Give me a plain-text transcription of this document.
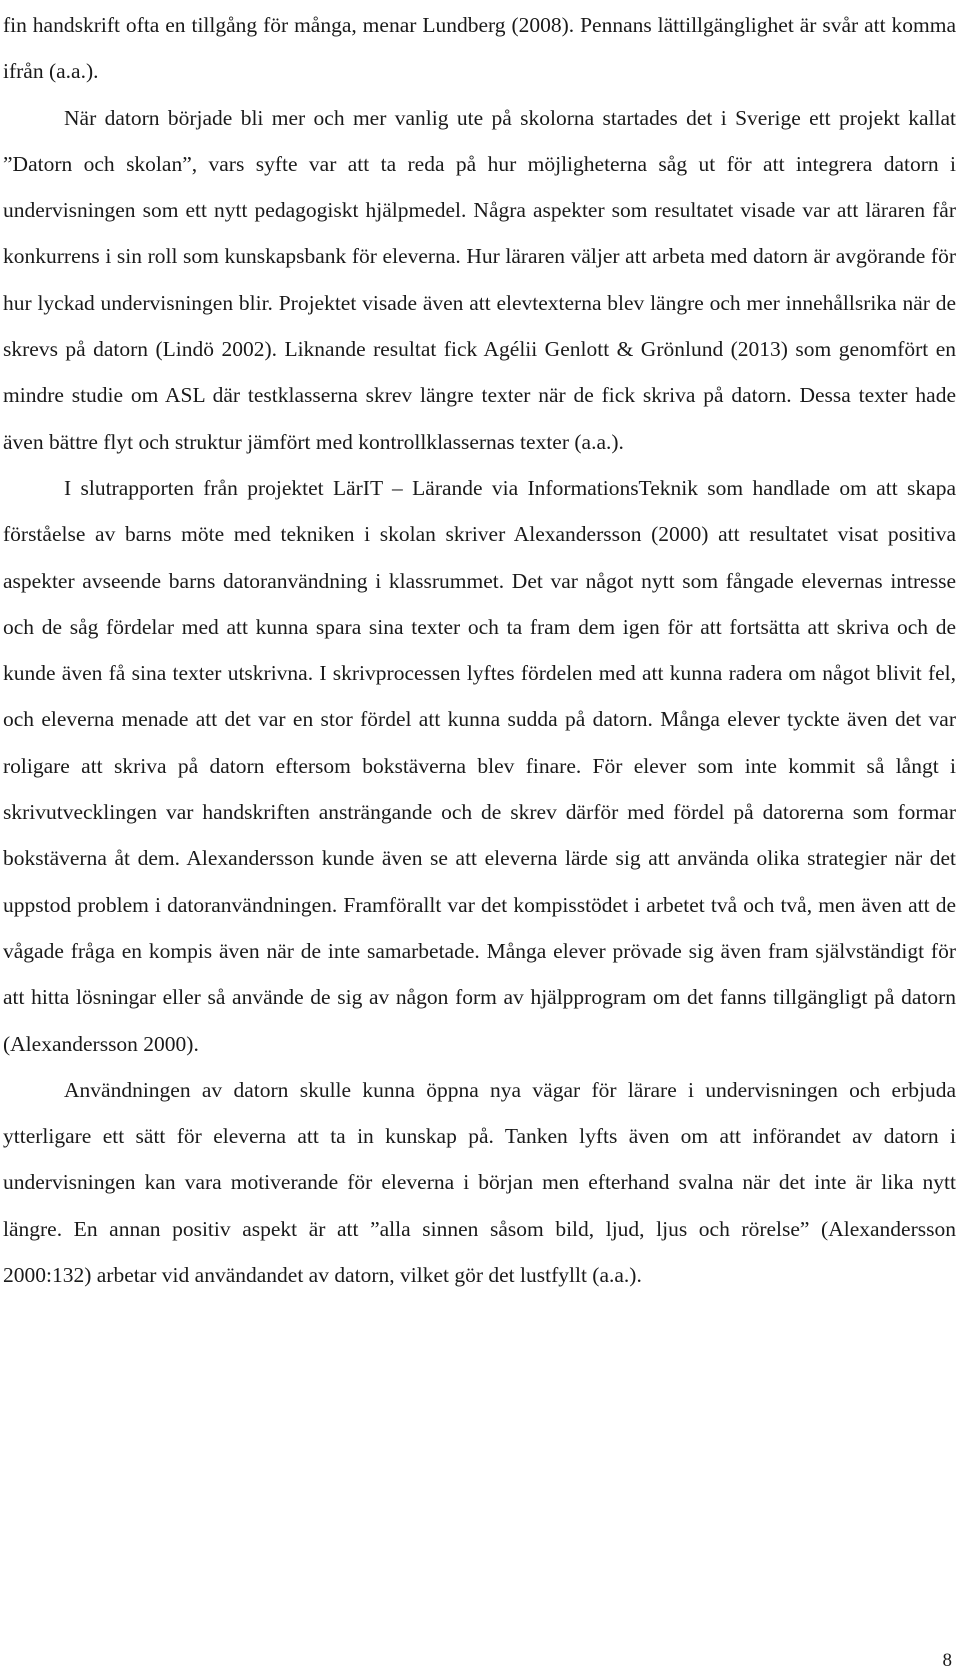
fin handskrift ofta en tillgång för många, menar Lundberg (2008). Pennans lättillgänglighet är svår att komma ifrån (a.a.).

När datorn började bli mer och mer vanlig ute på skolorna startades det i Sverige ett projekt kallat ”Datorn och skolan”, vars syfte var att ta reda på hur möjligheterna såg ut för att integrera datorn i undervisningen som ett nytt pedagogiskt hjälpmedel. Några aspekter som resultatet visade var att läraren får konkurrens i sin roll som kunskapsbank för eleverna. Hur läraren väljer att arbeta med datorn är avgörande för hur lyckad undervisningen blir. Projektet visade även att elevtexterna blev längre och mer innehållsrika när de skrevs på datorn (Lindö 2002). Liknande resultat fick Agélii Genlott & Grönlund (2013) som genomfört en mindre studie om ASL där testklasserna skrev längre texter när de fick skriva på datorn. Dessa texter hade även bättre flyt och struktur jämfört med kontrollklassernas texter (a.a.).

I slutrapporten från projektet LärIT – Lärande via InformationsTeknik som handlade om att skapa förståelse av barns möte med tekniken i skolan skriver Alexandersson (2000) att resultatet visat positiva aspekter avseende barns datoranvändning i klassrummet. Det var något nytt som fångade elevernas intresse och de såg fördelar med att kunna spara sina texter och ta fram dem igen för att fortsätta att skriva och de kunde även få sina texter utskrivna. I skrivprocessen lyftes fördelen med att kunna radera om något blivit fel, och eleverna menade att det var en stor fördel att kunna sudda på datorn. Många elever tyckte även det var roligare att skriva på datorn eftersom bokstäverna blev finare. För elever som inte kommit så långt i skrivutvecklingen var handskriften ansträngande och de skrev därför med fördel på datorerna som formar bokstäverna åt dem. Alexandersson kunde även se att eleverna lärde sig att använda olika strategier när det uppstod problem i datoranvändningen. Framförallt var det kompisstödet i arbetet två och två, men även att de vågade fråga en kompis även när de inte samarbetade. Många elever prövade sig även fram självständigt för att hitta lösningar eller så använde de sig av någon form av hjälpprogram om det fanns tillgängligt på datorn (Alexandersson 2000).

Användningen av datorn skulle kunna öppna nya vägar för lärare i undervisningen och erbjuda ytterligare ett sätt för eleverna att ta in kunskap på. Tanken lyfts även om att införandet av datorn i undervisningen kan vara motiverande för eleverna i början men efterhand svalna när det inte är lika nytt längre. En annan positiv aspekt är att ”alla sinnen såsom bild, ljud, ljus och rörelse” (Alexandersson 2000:132) arbetar vid användandet av datorn, vilket gör det lustfyllt (a.a.).

8
